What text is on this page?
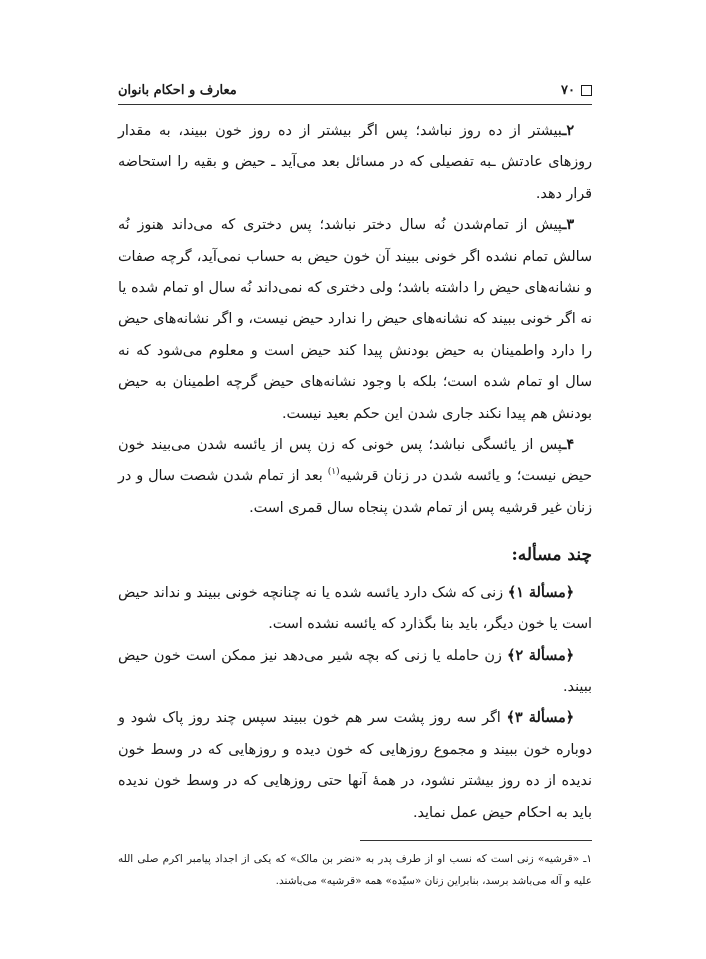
٧٠
معارف و احکام بانوان

۲ـبیشتر از ده روز نباشد؛ پس اگر بیشتر از ده روز خون ببیند، به مقدار روزهای عادتش ـبه تفصیلی که در مسائل بعد می‌آید ـ حیض و بقیه را استحاضه قرار دهد.

۳ـپیش از تمام‌شدن نُه سال دختر نباشد؛ پس دختری که می‌داند هنوز نُه سالش تمام نشده اگر خونی ببیند آن خون حیض به حساب نمی‌آید، گرچه صفات و نشانه‌های حیض را داشته باشد؛ ولی دختری که نمی‌داند نُه سال او تمام شده یا نه اگر خونی ببیند که نشانه‌های حیض را ندارد حیض نیست، و اگر نشانه‌های حیض را دارد واطمینان به حیض بودنش پیدا کند حیض است و معلوم می‌شود که نه سال او تمام شده است؛ بلکه با وجود نشانه‌های حیض گرچه اطمینان به حیض بودنش هم پیدا نکند جاری شدن این حکم بعید نیست.

۴ـپس از یائسگی نباشد؛ پس خونی که زن پس از یائسه شدن می‌بیند خون حیض نیست؛ و یائسه شدن در زنان قرشیه$^{(۱)}$ بعد از تمام شدن شصت سال و در زنان غیر قرشیه پس از تمام شدن پنجاه سال قمری است.

چند مسأله:

﴿مسألة ۱﴾ زنی که شک دارد یائسه شده یا نه چنانچه خونی ببیند و نداند حیض است یا خون دیگر، باید بنا بگذارد که یائسه نشده است.

﴿مسألة ۲﴾ زن حامله یا زنی که بچه شیر می‌دهد نیز ممکن است خون حیض ببیند.

﴿مسألة ۳﴾ اگر سه روز پشت سر هم خون ببیند سپس چند روز پاک شود و دوباره خون ببیند و مجموع روزهایی که خون دیده و روزهایی که در وسط خون ندیده از ده روز بیشتر نشود، در همهٔ آنها حتی روزهایی که در وسط خون ندیده باید به احکام حیض عمل نماید.

۱ـ «قرشیه» زنی است که نسب او از طرف پدر به «نضر بن مالک» که یکی از اجداد پیامبر اکرم صلی الله علیه و آله می‌باشد برسد، بنابراین زنان «سیّده» همه «قرشیه» می‌باشند.
